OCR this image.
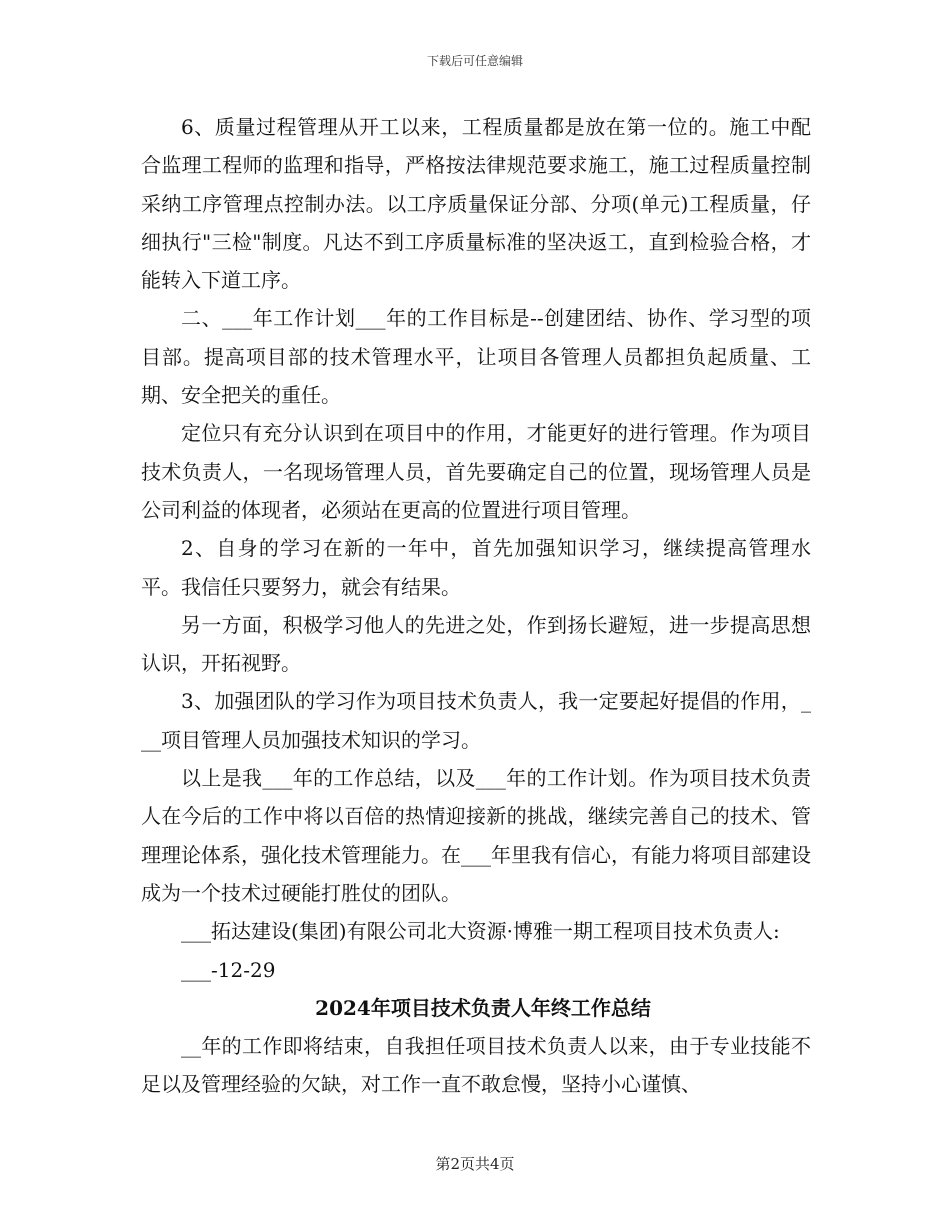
下载后可任意编辑

6、质量过程管理从开工以来，工程质量都是放在第一位的。施工中配合监理工程师的监理和指导，严格按法律规范要求施工，施工过程质量控制采纳工序管理点控制办法。以工序质量保证分部、分项(单元)工程质量，仔细执行"三检"制度。凡达不到工序质量标准的坚决返工，直到检验合格，才能转入下道工序。

二、___年工作计划___年的工作目标是--创建团结、协作、学习型的项目部。提高项目部的技术管理水平，让项目各管理人员都担负起质量、工期、安全把关的重任。

定位只有充分认识到在项目中的作用，才能更好的进行管理。作为项目技术负责人，一名现场管理人员，首先要确定自己的位置，现场管理人员是公司利益的体现者，必须站在更高的位置进行项目管理。

2、自身的学习在新的一年中，首先加强知识学习，继续提高管理水平。我信任只要努力，就会有结果。

另一方面，积极学习他人的先进之处，作到扬长避短，进一步提高思想认识，开拓视野。

3、加强团队的学习作为项目技术负责人，我一定要起好提倡的作用，___项目管理人员加强技术知识的学习。

以上是我___年的工作总结，以及___年的工作计划。作为项目技术负责人在今后的工作中将以百倍的热情迎接新的挑战，继续完善自己的技术、管理理论体系，强化技术管理能力。在___年里我有信心，有能力将项目部建设成为一个技术过硬能打胜仗的团队。

___拓达建设(集团)有限公司北大资源·博雅一期工程项目技术负责人:

___-12-29

2024年项目技术负责人年终工作总结

__年的工作即将结束，自我担任项目技术负责人以来，由于专业技能不足以及管理经验的欠缺，对工作一直不敢怠慢，坚持小心谨慎、

第2页共4页
